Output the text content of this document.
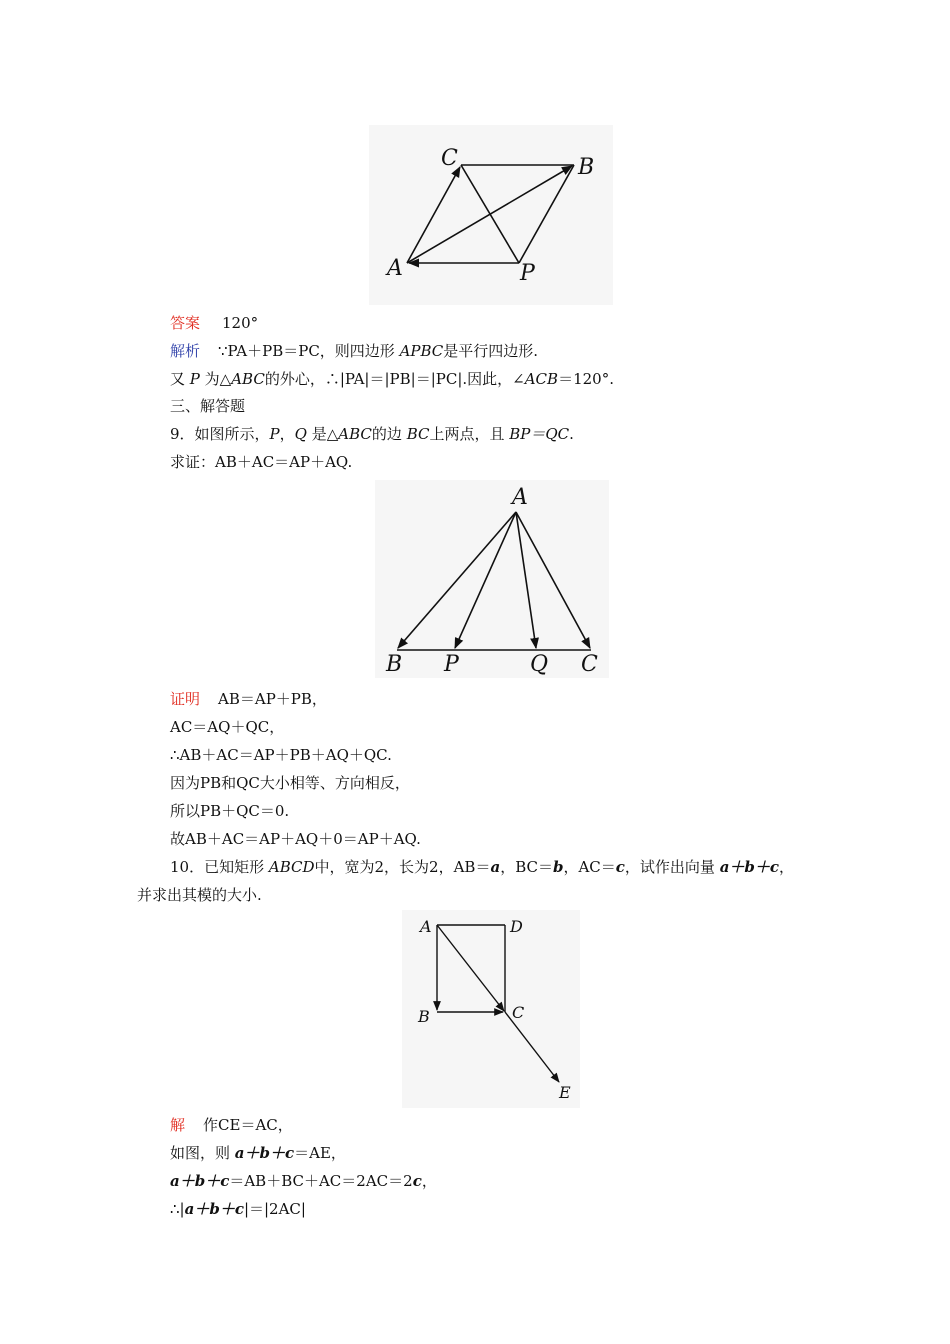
C	B
A	P
答案 120°
解析 ∵PA＋PB＝PC，则四边形 APBC是平行四边形.
又 P 为△ABC的外心，∴|PA|＝|PB|＝|PC|.因此，∠ACB＝120°.
三、解答题
9．如图所示，P，Q 是△ABC的边 BC上两点，且 BP＝QC.
求证：AB＋AC＝AP＋AQ.
A
B P	Q C
证明 AB＝AP＋PB，
AC＝AQ＋QC，
∴AB＋AC＝AP＋PB＋AQ＋QC.
因为PB和QC大小相等、方向相反，
所以PB＋QC＝0.
故AB＋AC＝AP＋AQ＋0＝AP＋AQ.
10．已知矩形 ABCD中，宽为2，长为2，AB＝a，BC＝b，AC＝c，试作出向量 a＋b＋c，
并求出其模的大小.
A	D
B	C
E
解 作CE＝AC，
如图，则 a＋b＋c＝AE，
a＋b＋c＝AB＋BC＋AC＝2AC＝2c，
∴|a＋b＋c|＝|2AC|
